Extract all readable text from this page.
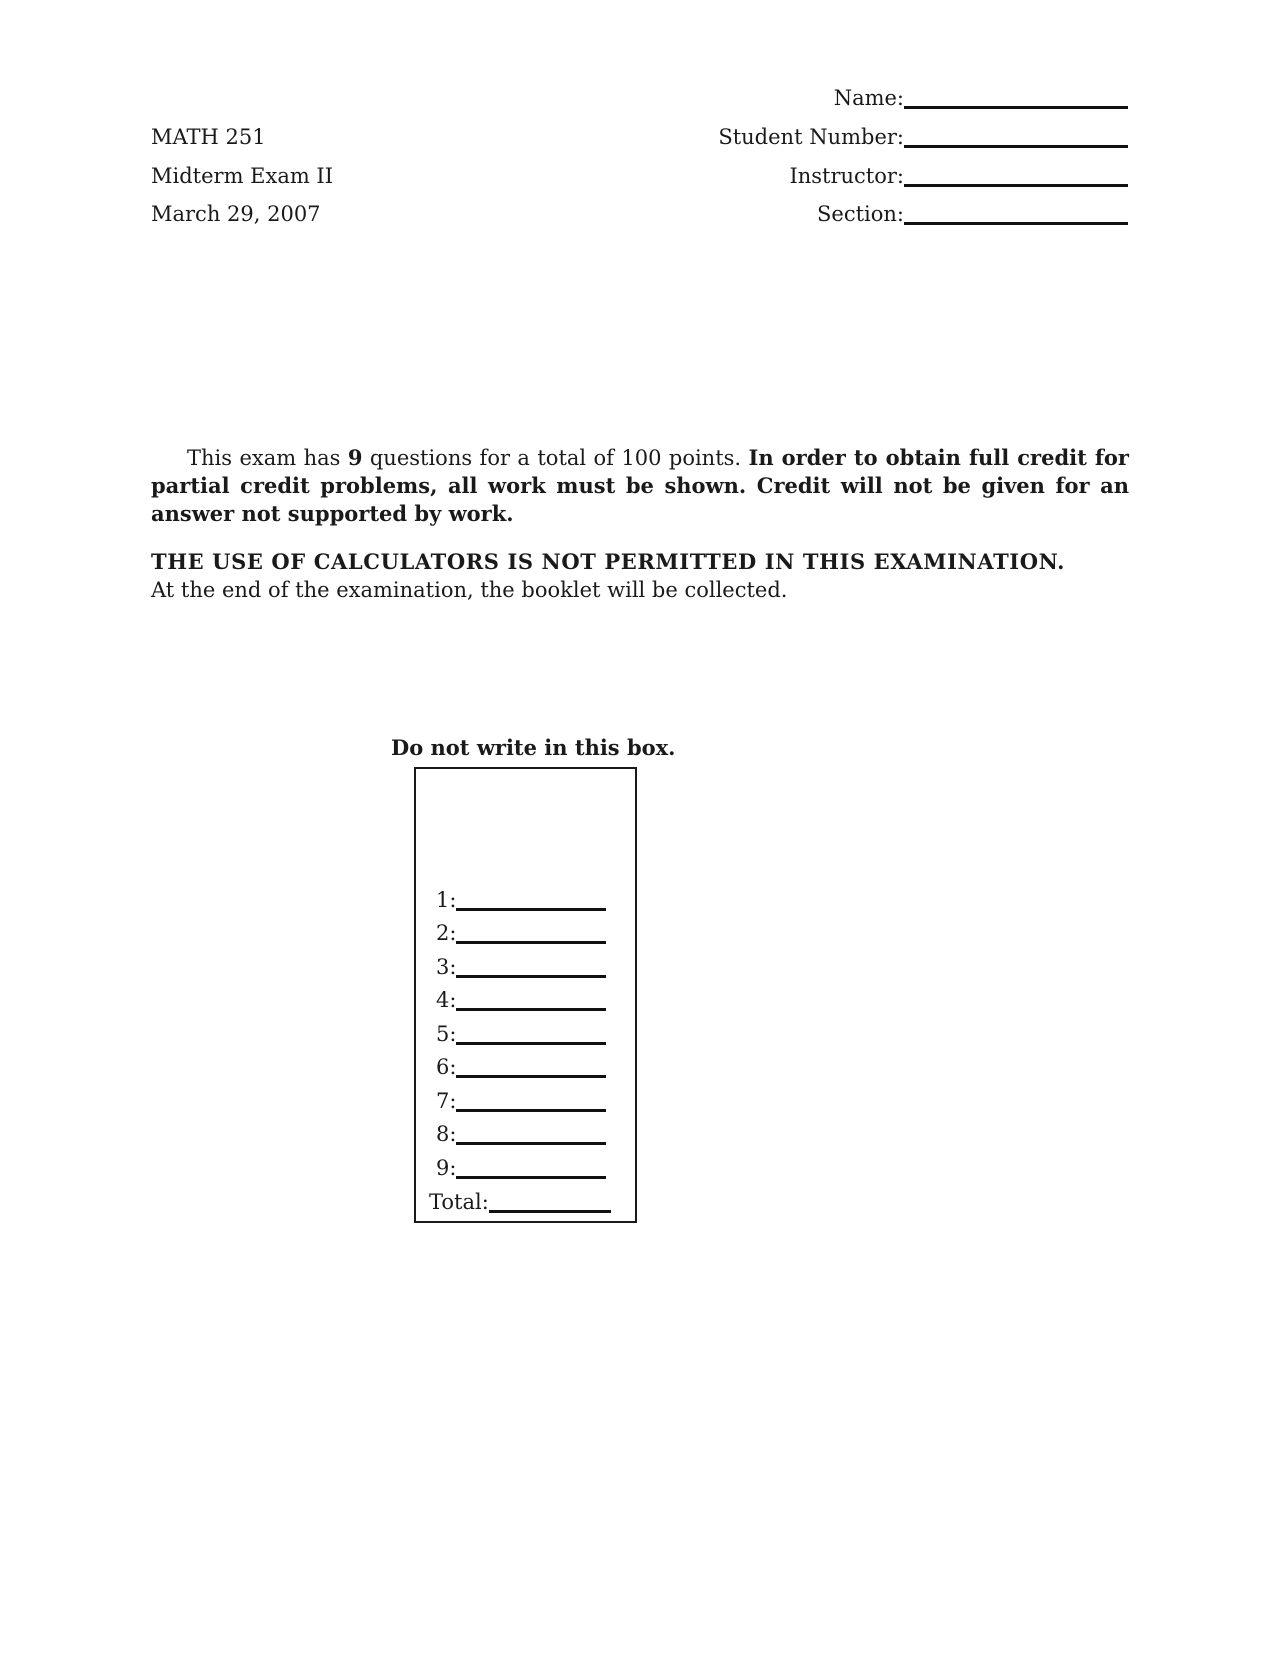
MATH 251
Midterm Exam II
March 29, 2007
Name:
Student Number:
Instructor:
Section:
This exam has 9 questions for a total of 100 points. In order to obtain full credit for partial credit problems, all work must be shown. Credit will not be given for an answer not supported by work.
THE USE OF CALCULATORS IS NOT PERMITTED IN THIS EXAMINATION.
At the end of the examination, the booklet will be collected.
Do not write in this box.
1:
2:
3:
4:
5:
6:
7:
8:
9:
Total:
